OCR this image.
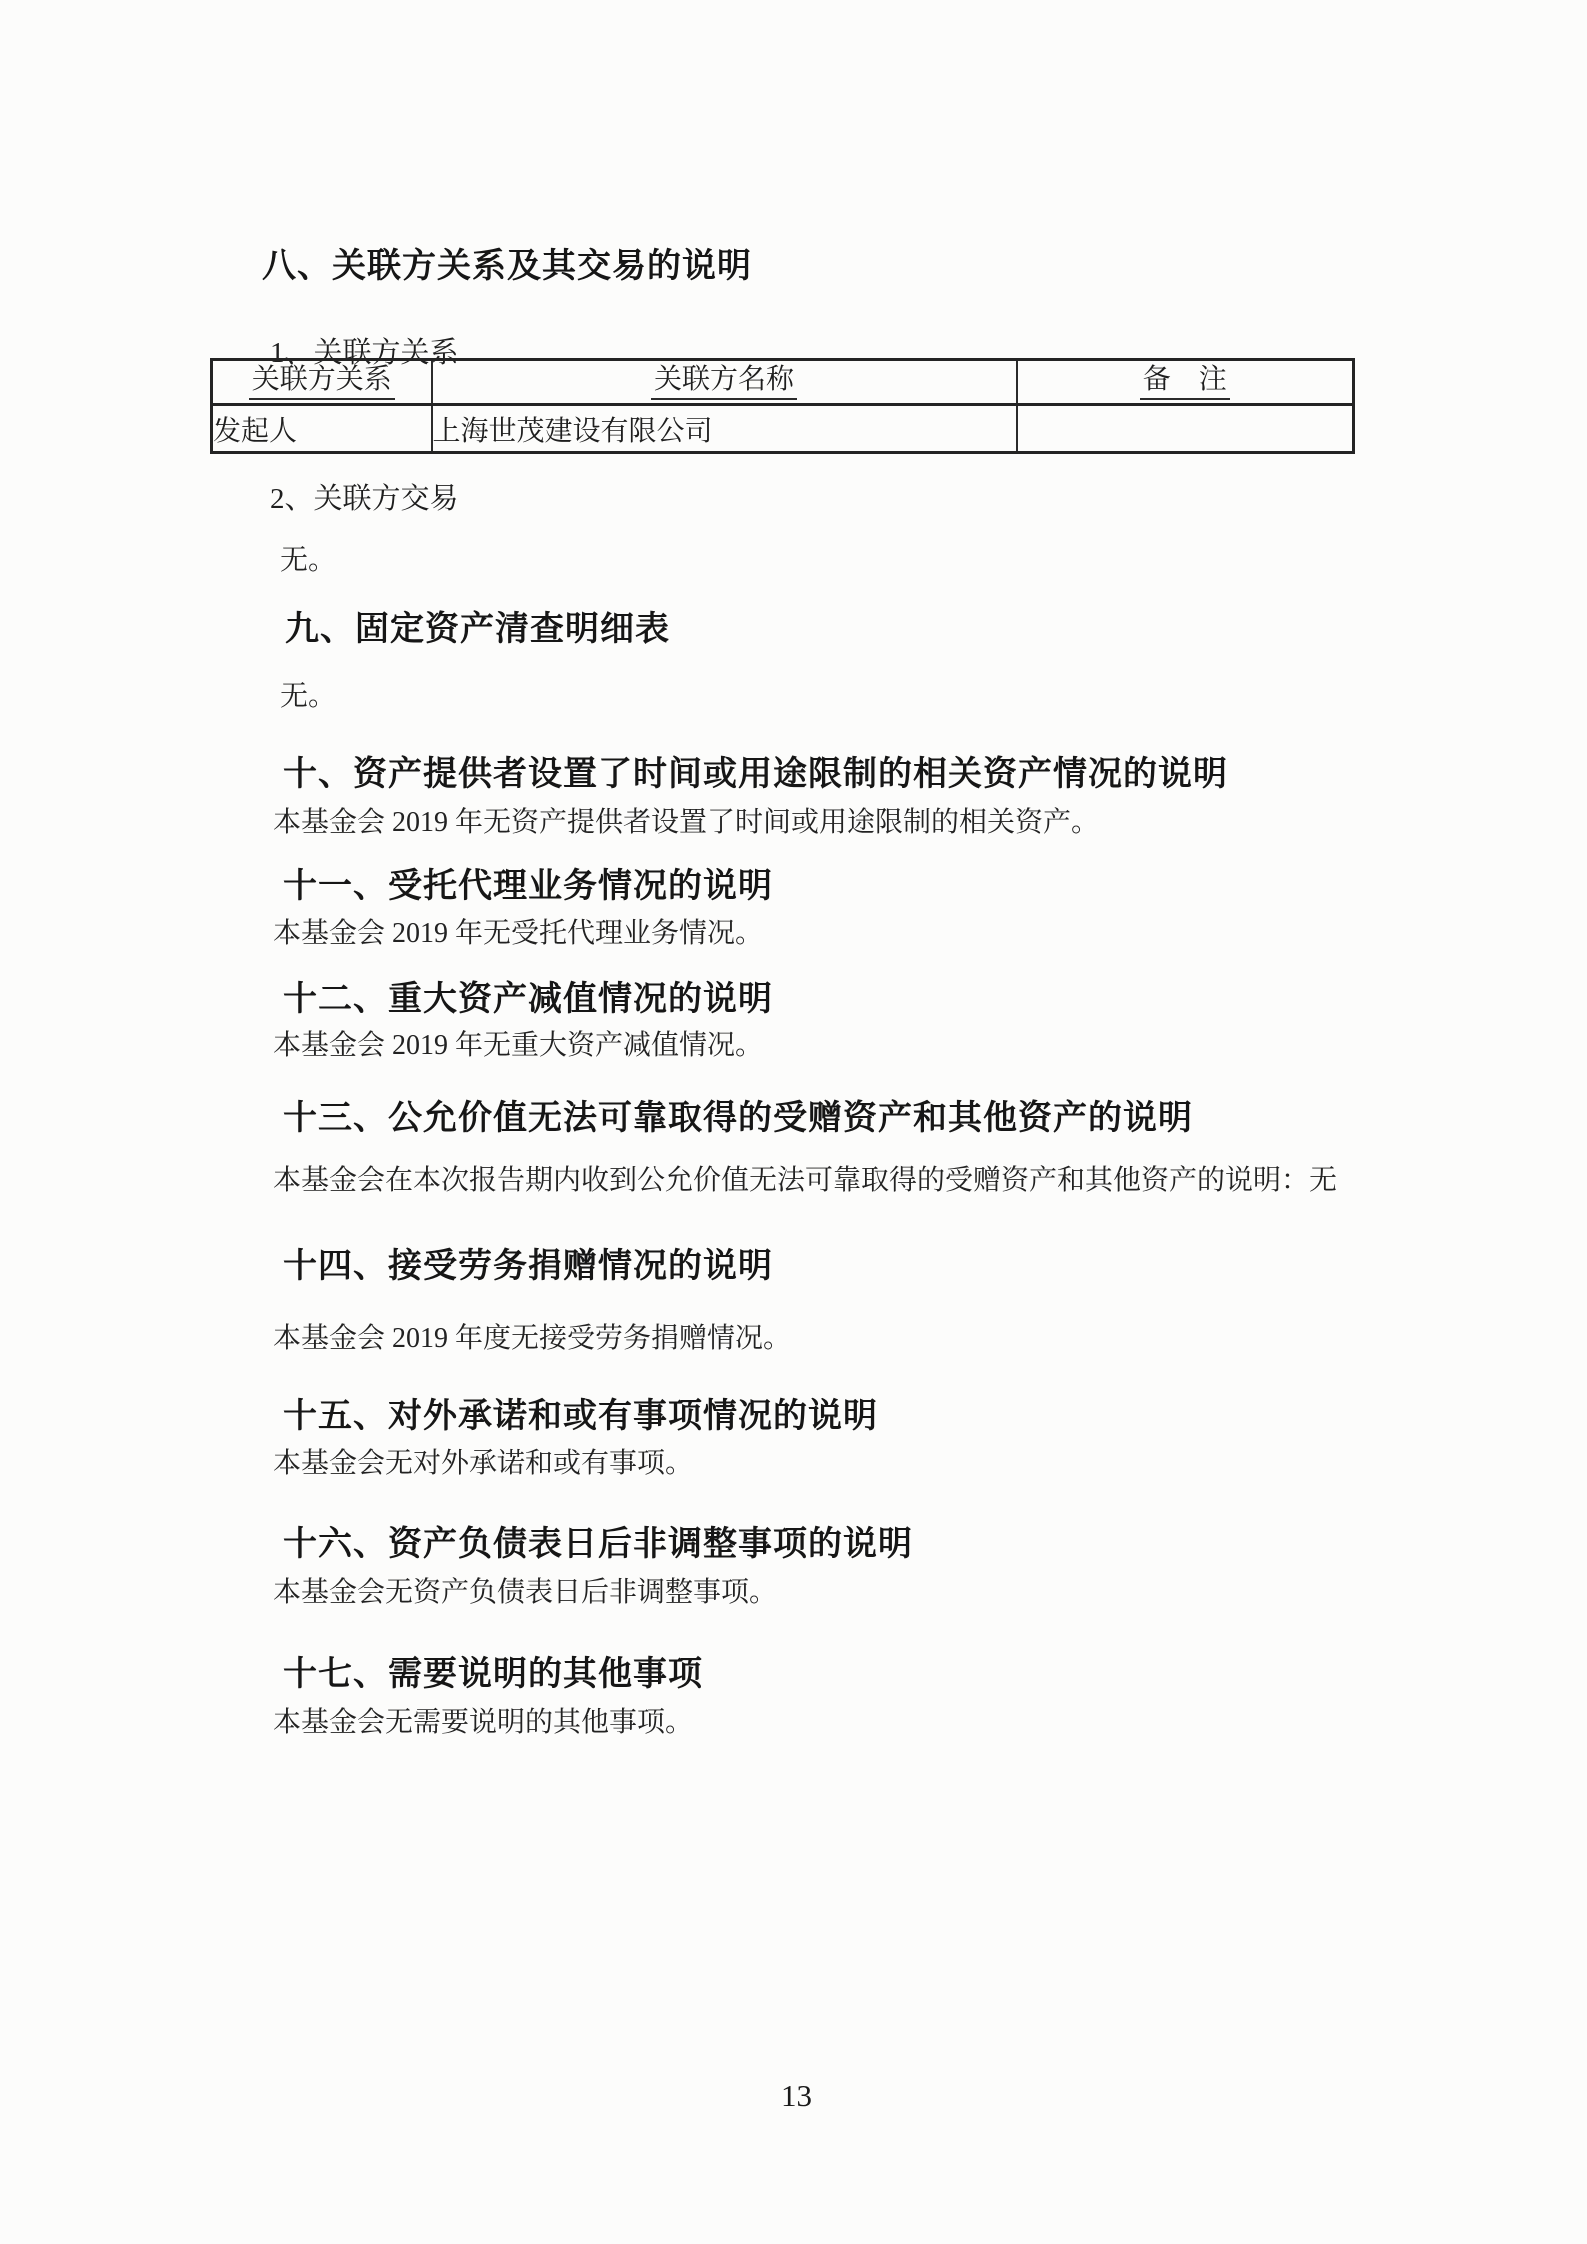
八、关联方关系及其交易的说明
1、关联方关系
关联方关系	关联方名称	备　注
发起人	上海世茂建设有限公司	
2、关联方交易
无。
九、固定资产清查明细表
无。
十、资产提供者设置了时间或用途限制的相关资产情况的说明
本基金会 2019 年无资产提供者设置了时间或用途限制的相关资产。
十一、受托代理业务情况的说明
本基金会 2019 年无受托代理业务情况。
十二、重大资产减值情况的说明
本基金会 2019 年无重大资产减值情况。
十三、公允价值无法可靠取得的受赠资产和其他资产的说明
本基金会在本次报告期内收到公允价值无法可靠取得的受赠资产和其他资产的说明：无
十四、接受劳务捐赠情况的说明
本基金会 2019 年度无接受劳务捐赠情况。
十五、对外承诺和或有事项情况的说明
本基金会无对外承诺和或有事项。
十六、资产负债表日后非调整事项的说明
本基金会无资产负债表日后非调整事项。
十七、需要说明的其他事项
本基金会无需要说明的其他事项。
13
